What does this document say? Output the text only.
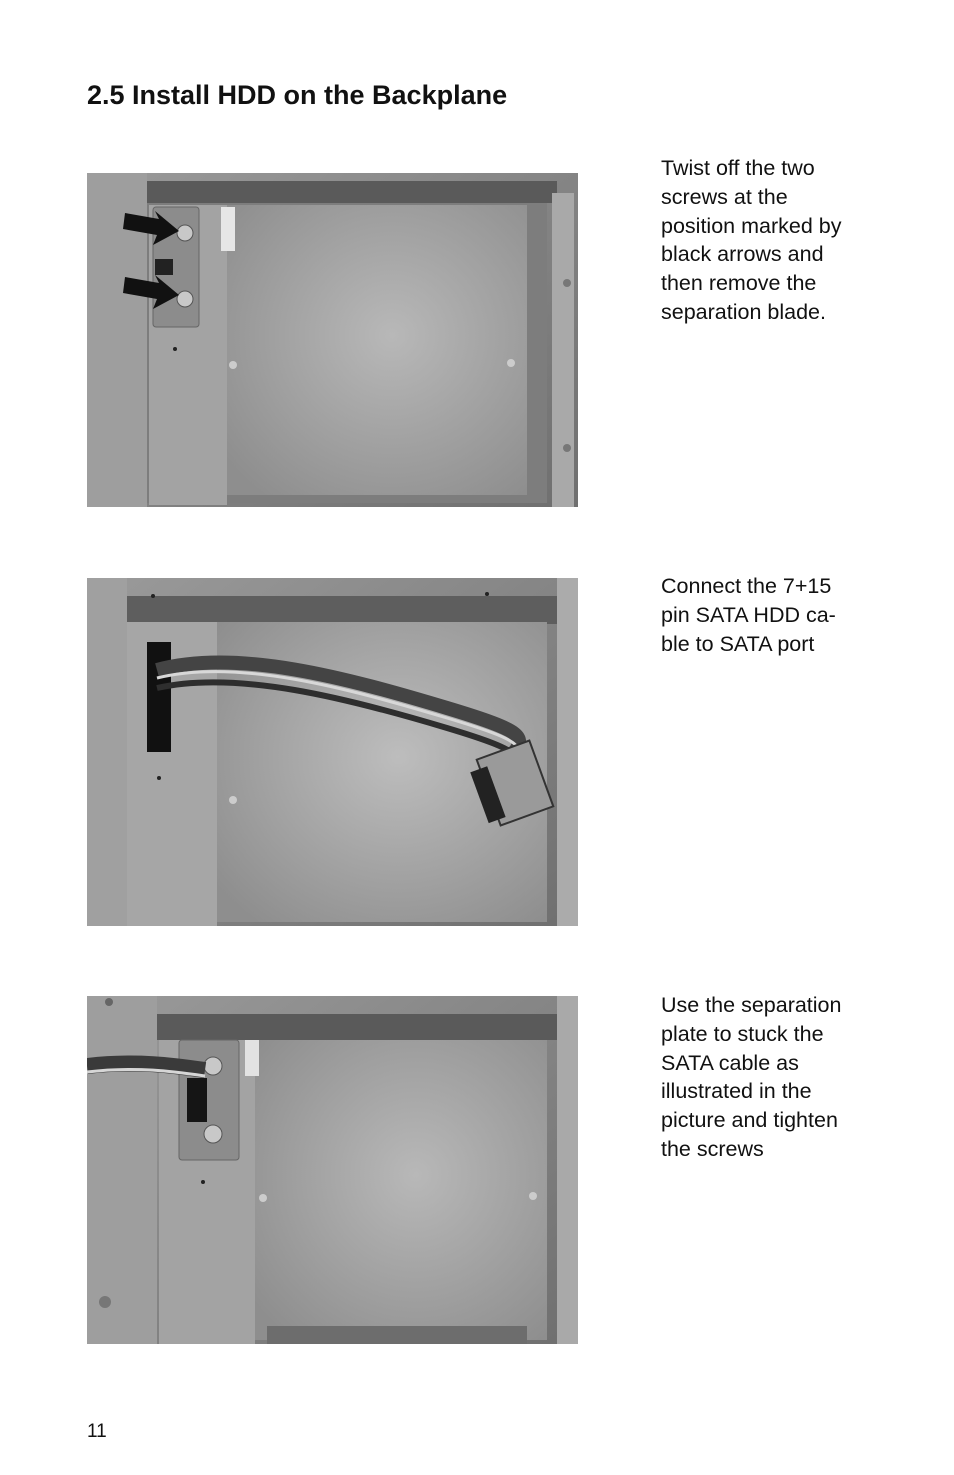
2.5 Install HDD on the Backplane

Twist off the two
screws at the
position marked by
black arrows and
then remove the
separation blade.

Connect the 7+15
pin SATA HDD ca-
ble to SATA port

Use the separation
plate to stuck the
SATA cable as
illustrated in the
picture and tighten
the screws

11
